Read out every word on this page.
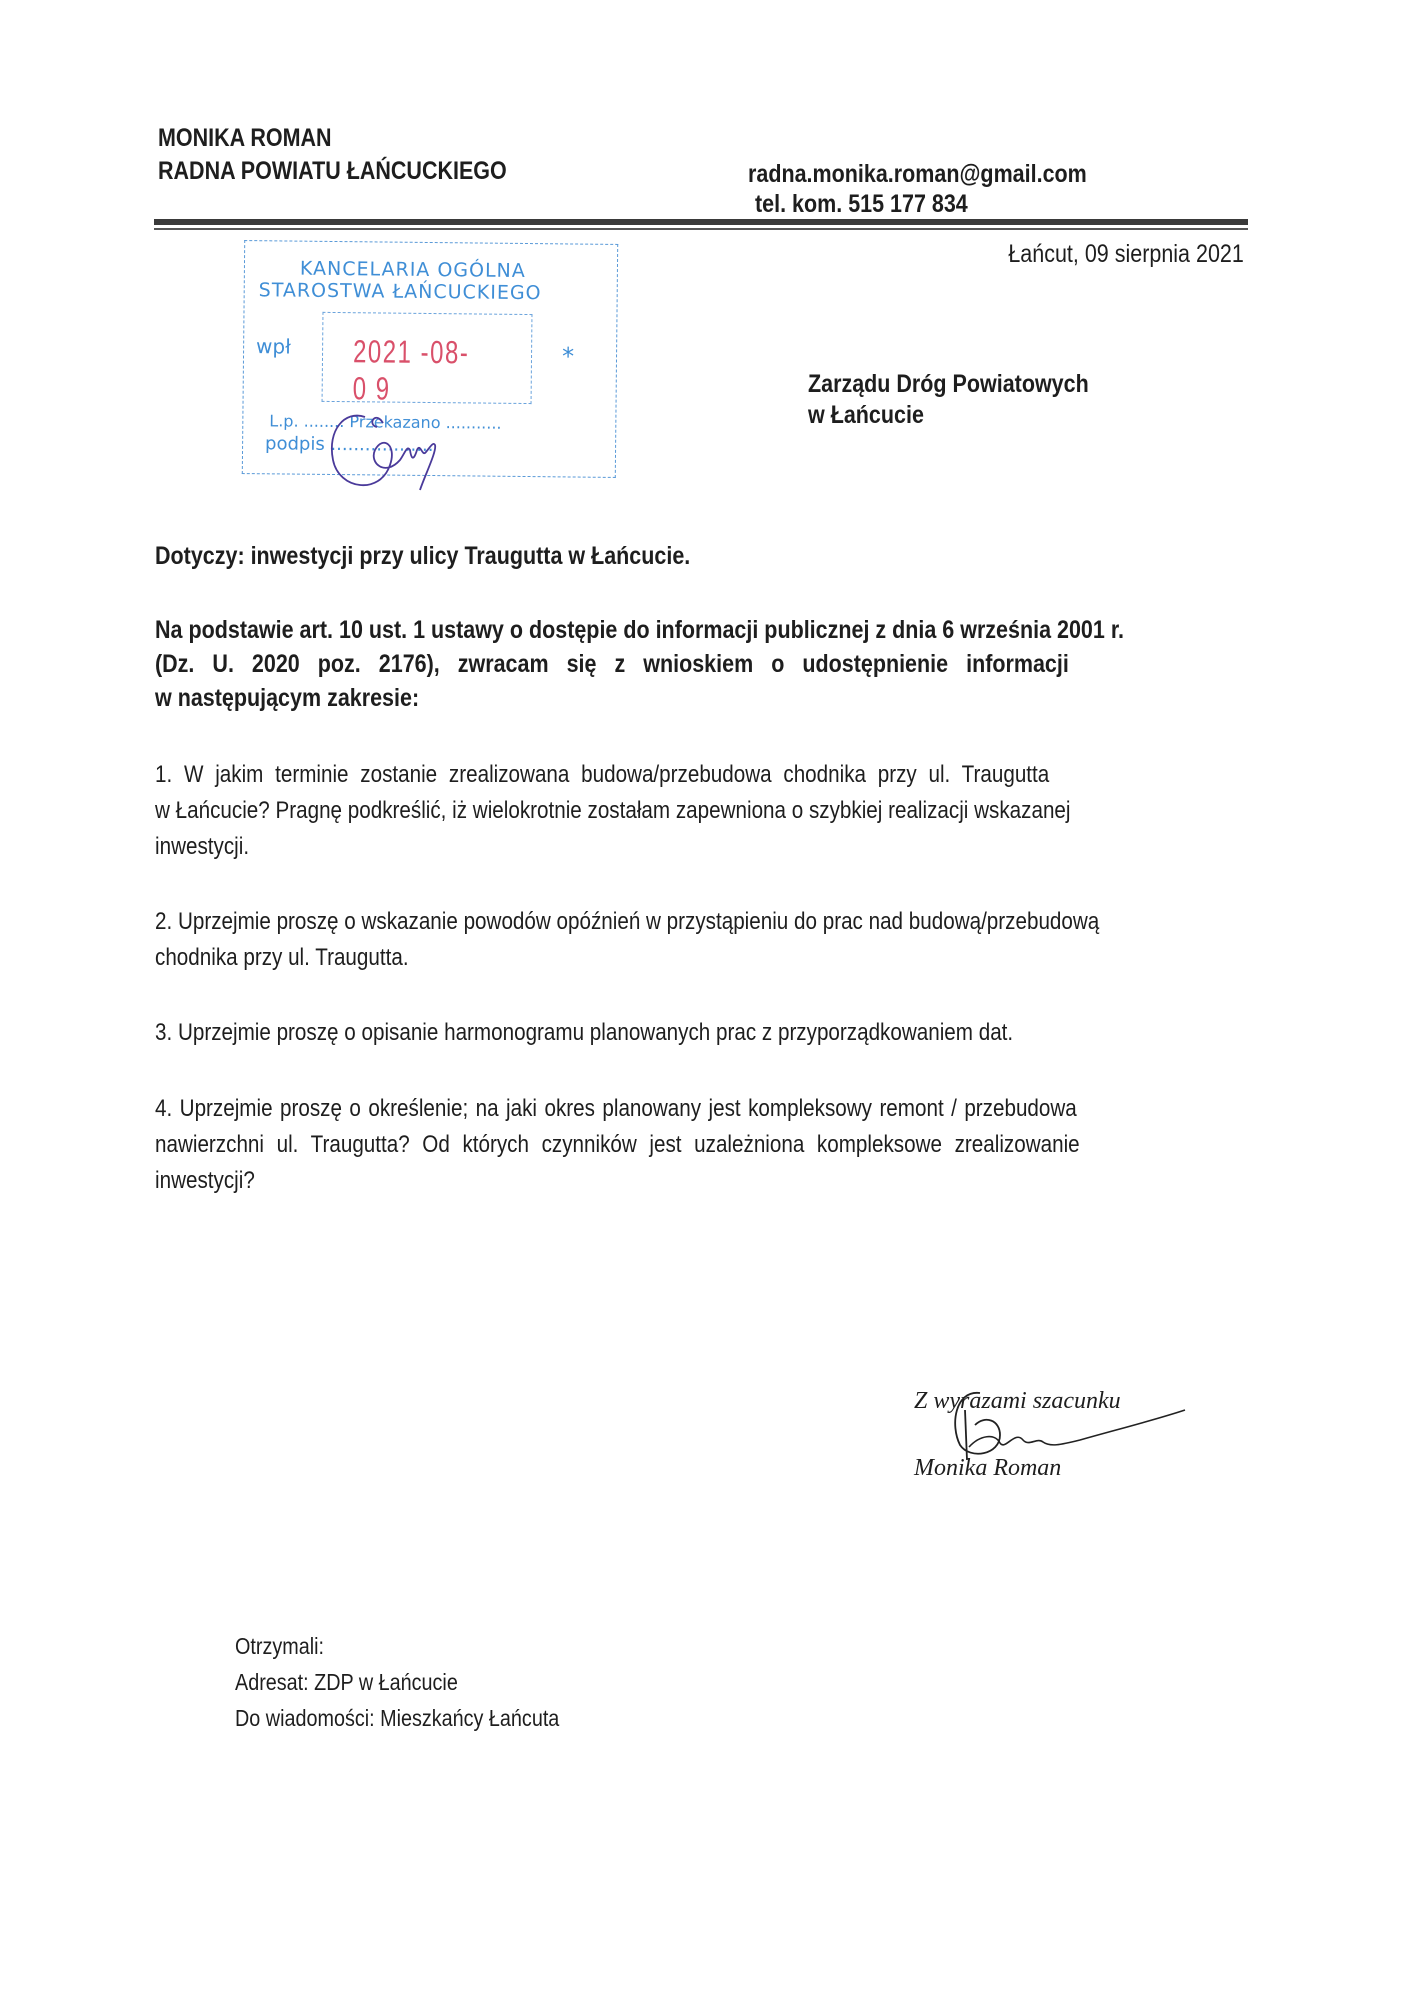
MONIKA ROMAN
RADNA POWIATU ŁAŃCUCKIEGO	radna.monika.roman@gmail.com
tel. kom. 515 177 834
Łańcut, 09 sierpnia 2021
KANCELARIA OGÓLNA
STAROSTWA ŁAŃCUCKIEGO
wpł 2021 -08- 0 9
*
L.p. ........ Przekazano ...........
podpis ..................
Zarządu Dróg Powiatowych
w Łańcucie
Dotyczy: inwestycji przy ulicy Traugutta w Łańcucie.
Na podstawie art. 10 ust. 1 ustawy o dostępie do informacji publicznej z dnia 6 września 2001 r.
(Dz. U. 2020 poz. 2176), zwracam się z wnioskiem o udostępnienie informacji
w następującym zakresie:
1. W jakim terminie zostanie zrealizowana budowa/przebudowa chodnika przy ul. Traugutta
w Łańcucie? Pragnę podkreślić, iż wielokrotnie zostałam zapewniona o szybkiej realizacji wskazanej
inwestycji.
2. Uprzejmie proszę o wskazanie powodów opóźnień w przystąpieniu do prac nad budową/przebudową
chodnika przy ul. Traugutta.
3. Uprzejmie proszę o opisanie harmonogramu planowanych prac z przyporządkowaniem dat.
4. Uprzejmie proszę o określenie; na jaki okres planowany jest kompleksowy remont / przebudowa
nawierzchni ul. Traugutta? Od których czynników jest uzależniona kompleksowe zrealizowanie
inwestycji?
Z wyrazami szacunku
Monika Roman
Otrzymali:
Adresat: ZDP w Łańcucie
Do wiadomości: Mieszkańcy Łańcuta
